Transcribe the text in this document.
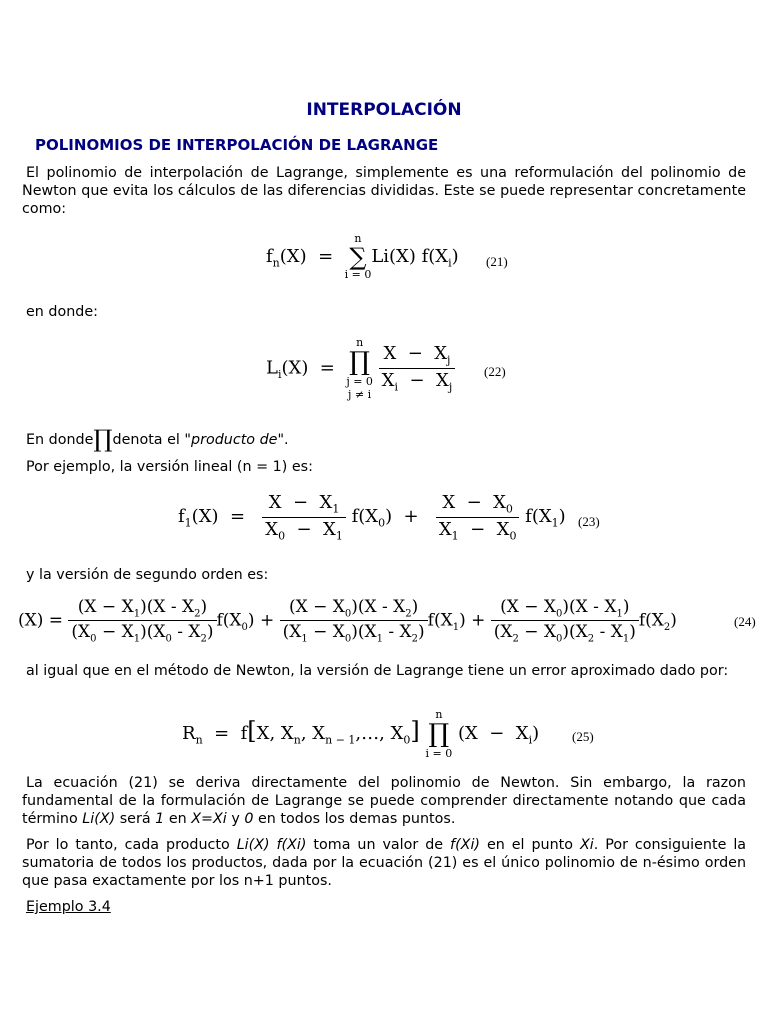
INTERPOLACIÓN
POLINOMIOS DE INTERPOLACIÓN DE LAGRANGE
El polinomio de interpolación de Lagrange, simplemente es una reformulación del polinomio de Newton que evita los cálculos de las diferencias divididas. Este se puede representar concretamente como:
$f_n(X)$  =
n
∑
i = 0
Li(X) $f(X_i)$ (21)
en donde:
$L_i(X)$  =
n
∏
j = 0
j ≠ i

$\frac{X - X_j}{X_i - X_j} (22)$
En donde∏denota el "producto de".
Por ejemplo, la versión lineal (n = 1) es:
$f_1(X) = \frac{X - X_1}{X_0 - X_1} f(X_0) + \frac{X - X_0}{X_1 - X_0} f(X_1)$ (23)
y la versión de segundo orden es:
$(X) = \frac{(X - X_1)(X - X_2)}{(X_0 - X_1)(X_0 - X_2)} f(X_0) + \frac{(X - X_0)(X - X_2)}{(X_1 - X_0)(X_1 - X_2)} f(X_1) + \frac{(X - X_0)(X - X_1)}{(X_2 - X_0)(X_2 - X_1)} f(X_2)$	(24)
al igual que en el método de Newton, la versión de Lagrange tiene un error aproximado dado por:
$R_n = f[X$, $X_n$, $X_{n - 1},\dots$, $X_0$]
n
∏
i = 0
$(X - X_i)$	(25)
La ecuación (21) se deriva directamente del polinomio de Newton. Sin embargo, la razon fundamental de la formulación de Lagrange se puede comprender directamente notando que cada término Li(X) será 1 en X=Xi y 0 en todos los demas puntos.
Por lo tanto, cada producto Li(X) f(Xi) toma un valor de f(Xi) en el punto Xi. Por consiguiente la sumatoria de todos los productos, dada por la ecuación (21) es el único polinomio de n-ésimo orden que pasa exactamente por los n+1 puntos.
Ejemplo 3.4
